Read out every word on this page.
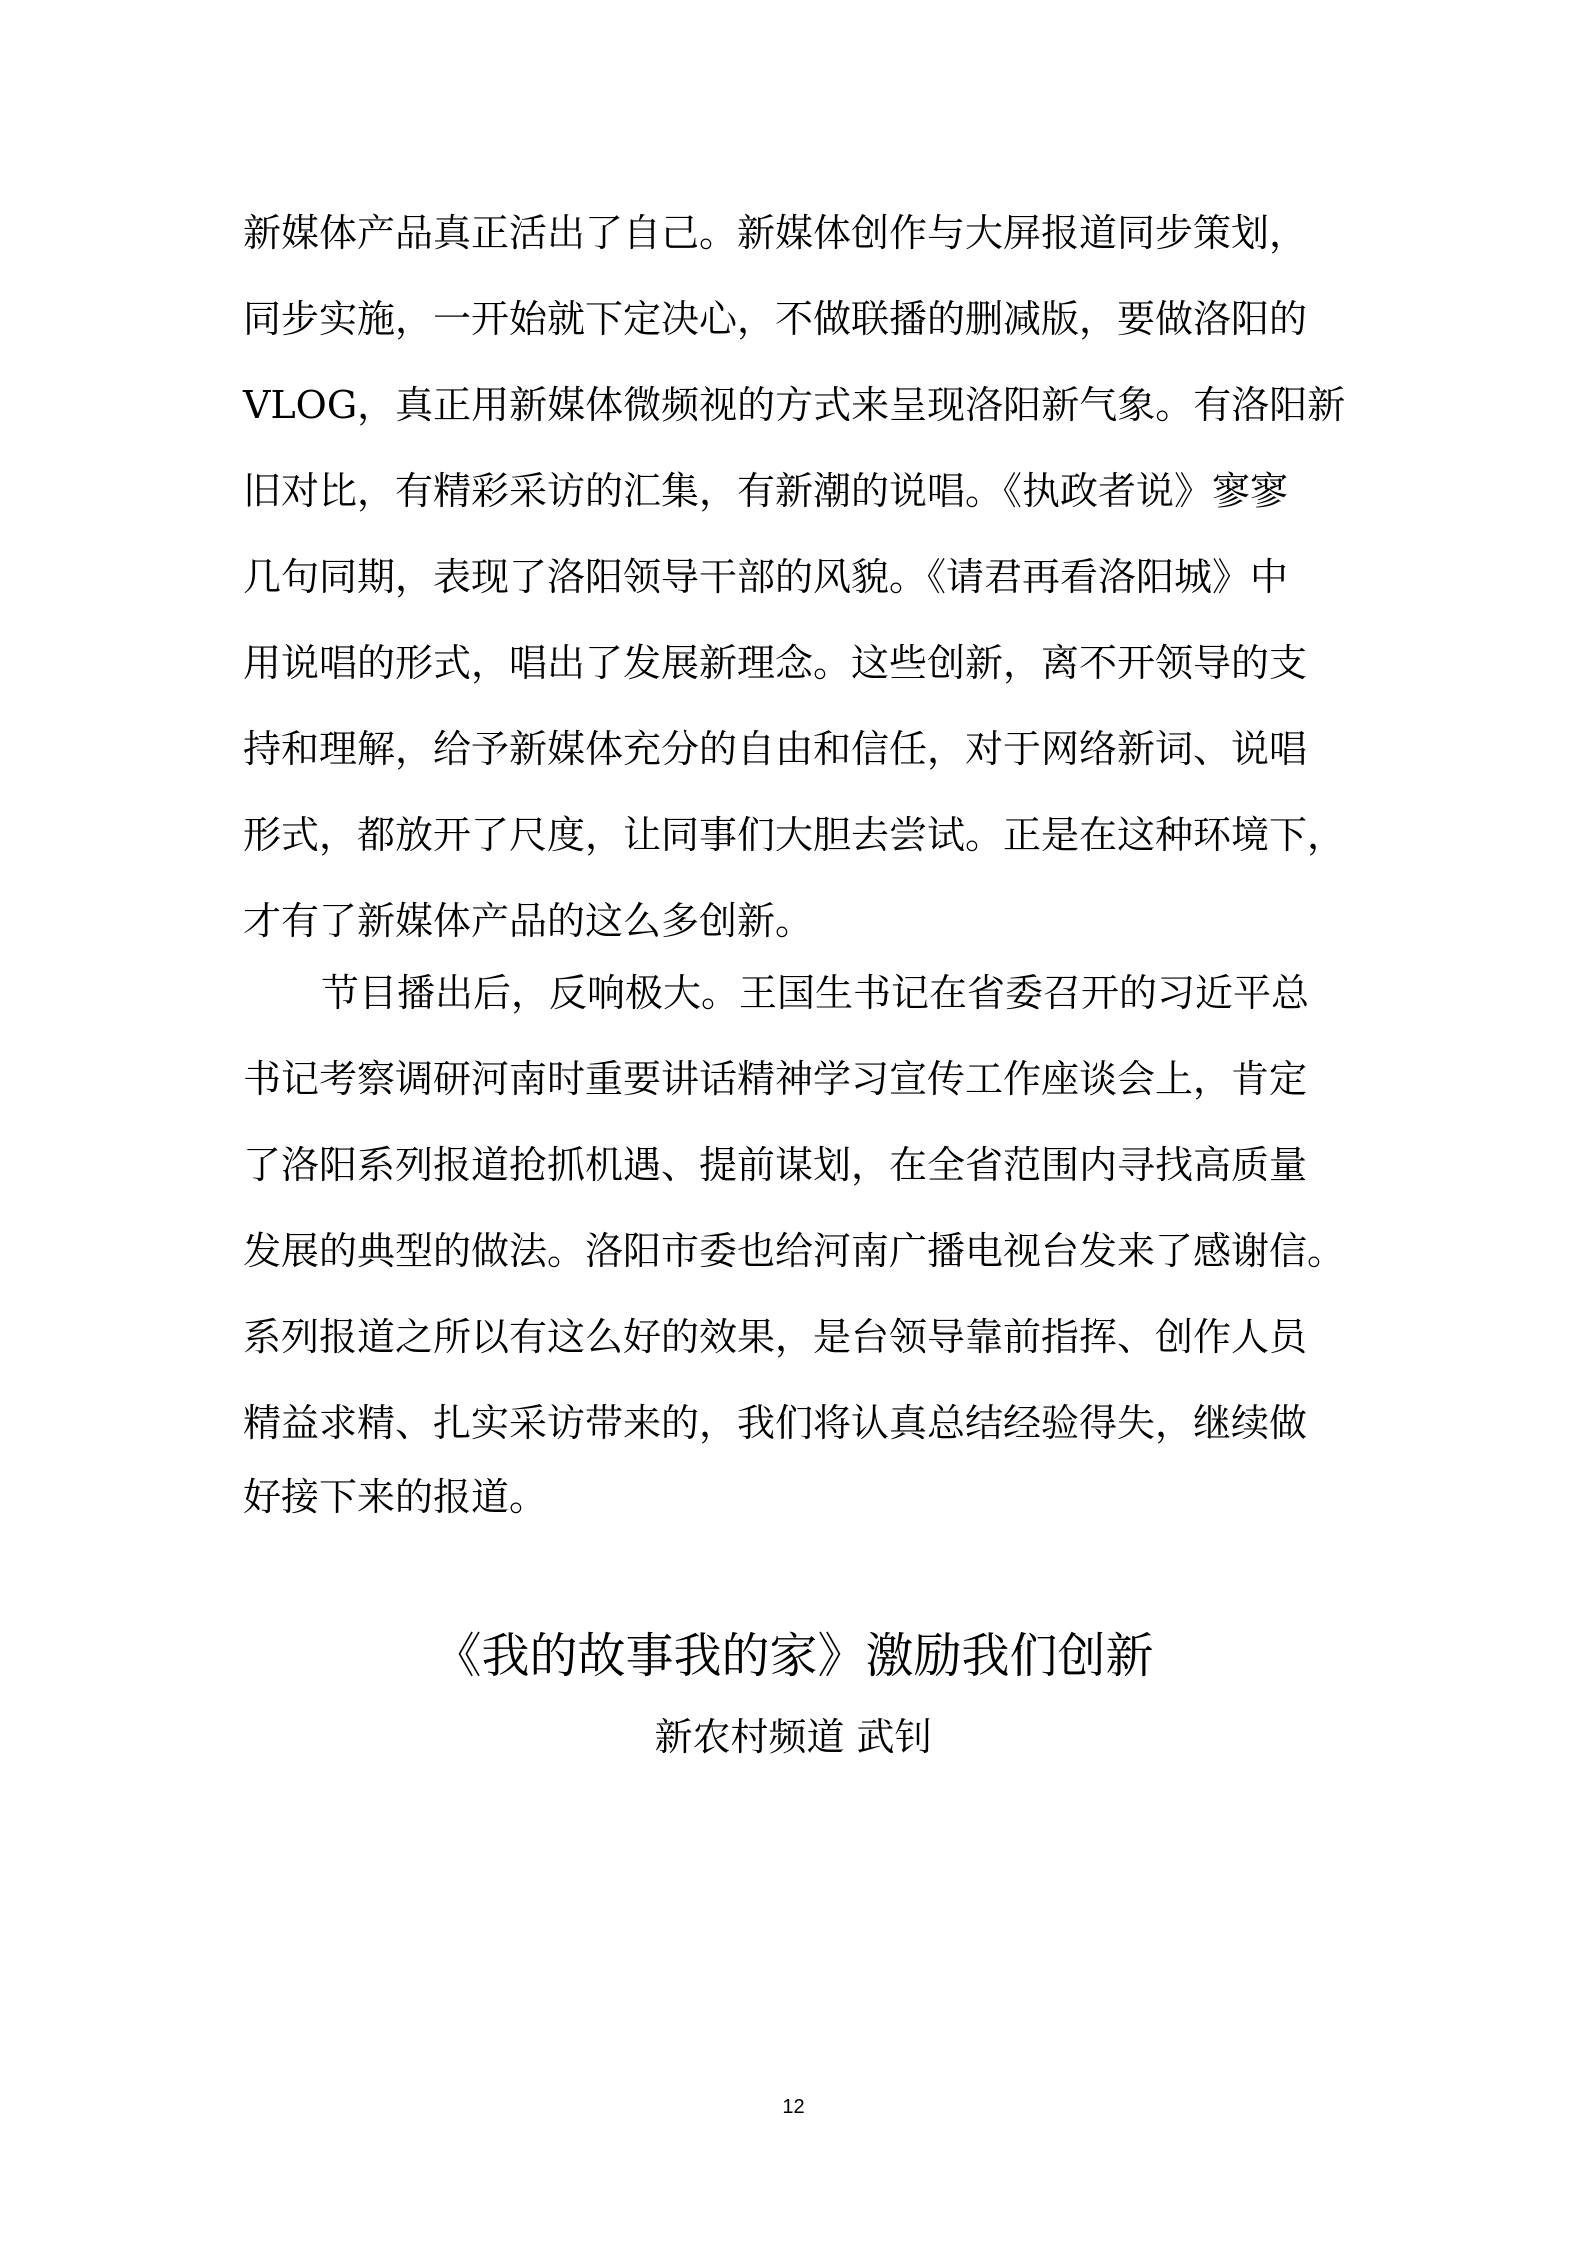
新媒体产品真正活出了自己。新媒体创作与大屏报道同步策划，
同步实施，一开始就下定决心，不做联播的删减版，要做洛阳的
VLOG，真正用新媒体微频视的方式来呈现洛阳新气象。有洛阳新
旧对比，有精彩采访的汇集，有新潮的说唱。《执政者说》寥寥
几句同期，表现了洛阳领导干部的风貌。《请君再看洛阳城》中
用说唱的形式，唱出了发展新理念。这些创新，离不开领导的支
持和理解，给予新媒体充分的自由和信任，对于网络新词、说唱
形式，都放开了尺度，让同事们大胆去尝试。正是在这种环境下，
才有了新媒体产品的这么多创新。
节目播出后，反响极大。王国生书记在省委召开的习近平总
书记考察调研河南时重要讲话精神学习宣传工作座谈会上，肯定
了洛阳系列报道抢抓机遇、提前谋划，在全省范围内寻找高质量
发展的典型的做法。洛阳市委也给河南广播电视台发来了感谢信。
系列报道之所以有这么好的效果，是台领导靠前指挥、创作人员
精益求精、扎实采访带来的，我们将认真总结经验得失，继续做
好接下来的报道。
《我的故事我的家》激励我们创新
新农村频道 武钊
12
